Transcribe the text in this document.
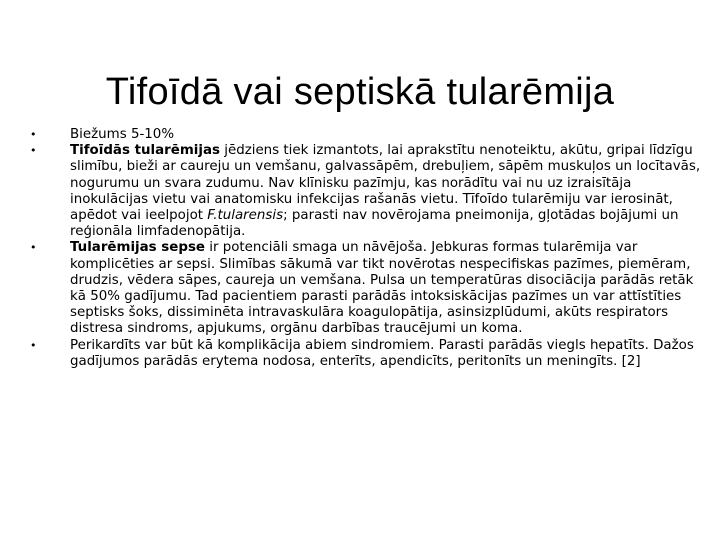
Tifoīdā vai septiskā tularēmija
•	Biežums 5-10%
•	Tifoīdās tularēmijas jēdziens tiek izmantots, lai aprakstītu nenoteiktu, akūtu, gripai līdzīgu slimību, bieži ar caureju un vemšanu, galvassāpēm, drebuļiem, sāpēm muskuļos un locītavās, nogurumu un svara zudumu. Nav klīnisku pazīmju, kas norādītu vai nu uz izraisītāja inokulācijas vietu vai anatomisku infekcijas rašanās vietu. Tīfoīdo tularēmiju var ierosināt, apēdot vai ieelpojot F.tularensis; parasti nav novērojama pneimonija, gļotādas bojājumi un reģionāla limfadenopātija.
•	Tularēmijas sepse ir potenciāli smaga un nāvējoša. Jebkuras formas tularēmija var komplicēties ar sepsi. Slimības sākumā var tikt novērotas nespecifiskas pazīmes, piemēram, drudzis, vēdera sāpes, caureja un vemšana. Pulsa un temperatūras disociācija parādās retāk kā 50% gadījumu. Tad pacientiem parasti parādās intoksiskācijas pazīmes un var attīstīties septisks šoks, dissiminēta intravaskulāra koagulopātija, asinsizplūdumi, akūts respirators distresa sindroms, apjukums, orgānu darbības traucējumi un koma.
•	Perikardīts var būt kā komplikācija abiem sindromiem. Parasti parādās viegls hepatīts. Dažos gadījumos parādās erytema nodosa, enterīts, apendicīts, peritonīts un meningīts. [2]
